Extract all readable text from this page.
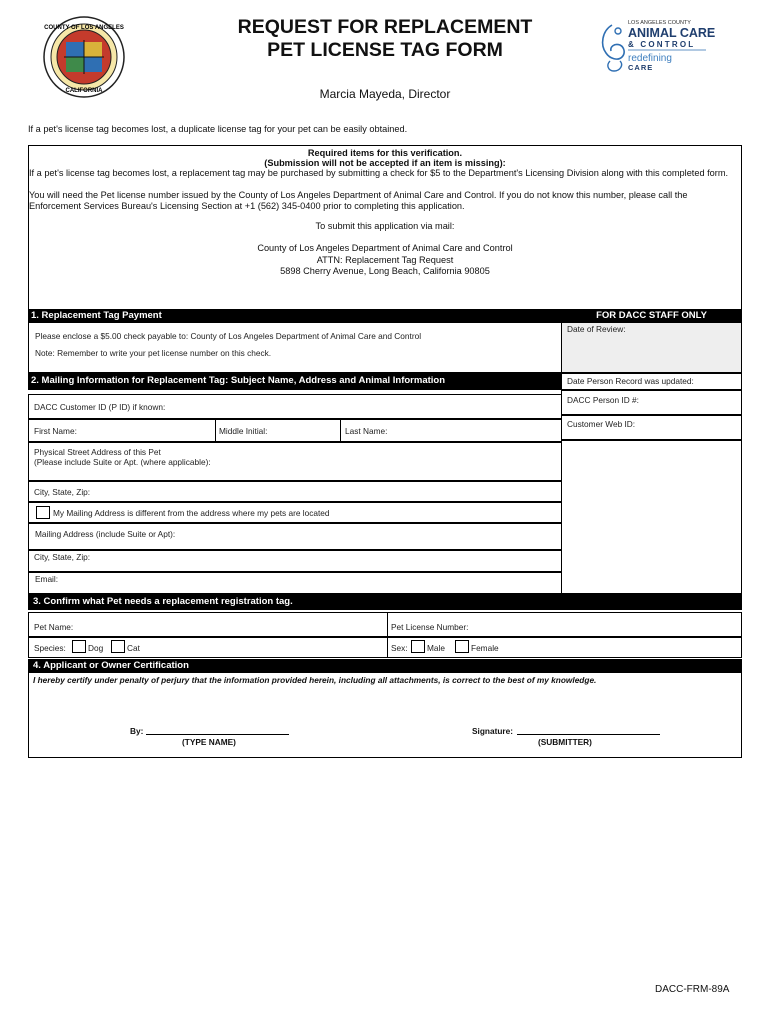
COUNTY OF LOS ANGELES
CALIFORNIA
REQUEST FOR REPLACEMENT
PET LICENSE TAG FORM
LOS ANGELES COUNTY
ANIMAL CARE
& CONTROL
redefining
CARE
Marcia Mayeda, Director
If a pet's license tag becomes lost, a duplicate license tag for your pet can be easily obtained.
Required items for this verification.
(Submission will not be accepted if an item is missing):

If a pet's license tag becomes lost, a replacement tag may be purchased by submitting a check for $5 to the Department's Licensing Division along with this completed form.

You will need the Pet license number issued by the County of Los Angeles Department of Animal Care and Control. If you do not know this number, please call the Enforcement Services Bureau's Licensing Section at +1 (562) 345-0400 prior to completing this application.

To submit this application via mail:

County of Los Angeles Department of Animal Care and Control

ATTN: Replacement Tag Request

5898 Cherry Avenue, Long Beach, California 90805

1. Replacement Tag Payment	FOR DACC STAFF ONLY
Please enclose a $5.00 check payable to: County of Los Angeles Department of Animal Care and Control
Note: Remember to write your pet license number on this check.
Date of Review:
Date Person Record was updated:
DACC Person ID #:
Customer Web ID:
2. Mailing Information for Replacement Tag: Subject Name, Address and Animal Information
DACC Customer ID (P ID) if known:
First Name:	Middle Initial:	Last Name:
Physical Street Address of this Pet
(Please include Suite or Apt. (where applicable):
City, State, Zip:
My Mailing Address is different from the address where my pets are located
Mailing Address (include Suite or Apt):
City, State, Zip:
Email:
3. Confirm what Pet needs a replacement registration tag.
Pet Name:	Pet License Number:
Species:	Dog	Cat	Sex: Male	Female
4. Applicant or Owner Certification
I hereby certify under penalty of perjury that the information provided herein, including all attachments, is correct to the best of my knowledge.
By:
(TYPE NAME)
Signature:
(SUBMITTER)
DACC-FRM-89A
